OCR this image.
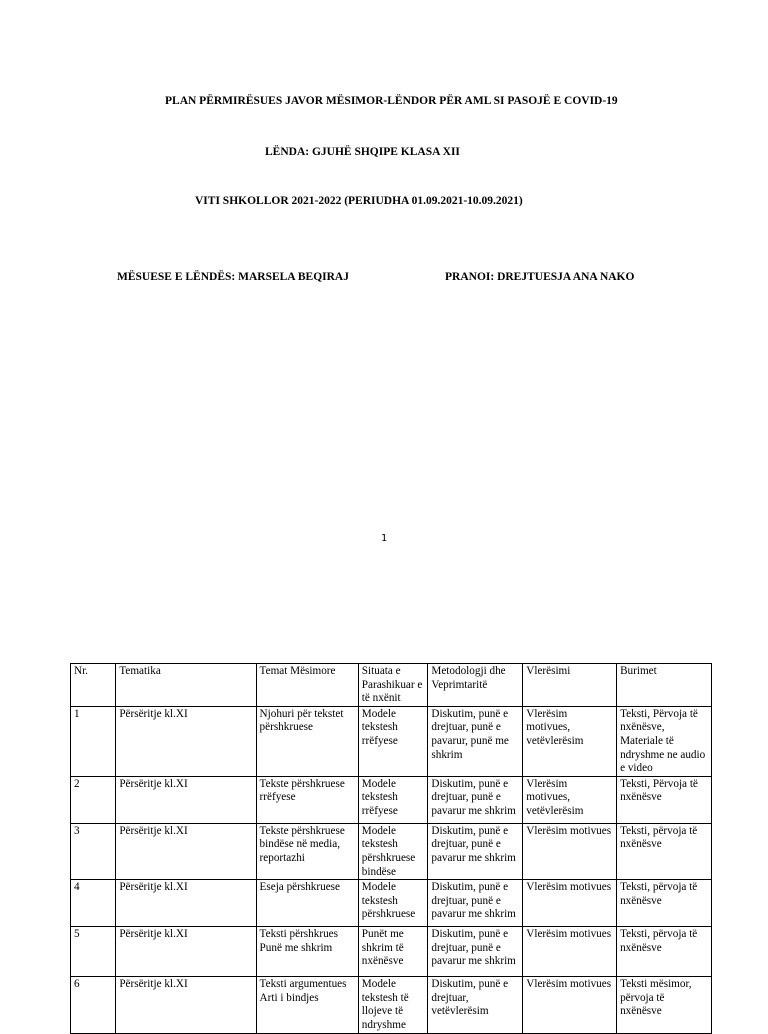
PLAN PËRMIRËSUES JAVOR MËSIMOR-LËNDOR PËR AML SI PASOJË E COVID-19
LËNDA: GJUHË SHQIPE KLASA XII
VITI SHKOLLOR 2021-2022 (PERIUDHA 01.09.2021-10.09.2021)
MËSUESE E LËNDËS: MARSELA BEQIRAJ	PRANOI: DREJTUESJA ANA NAKO
1
Nr.	Tematika	Temat Mësimore	Situata e Parashikuar e të nxënit	Metodologji dhe Veprimtaritë	Vlerësimi	Burimet
1	Përsëritje kl.XI	Njohuri për tekstet përshkruese	Modele tekstesh rrëfyese	Diskutim, punë e drejtuar, punë e pavarur, punë me shkrim	Vlerësim motivues, vetëvlerësim	Teksti, Përvoja të nxënësve, Materiale të ndryshme ne audio e video
2	Përsëritje kl.XI	Tekste përshkruese rrëfyese	Modele tekstesh rrëfyese	Diskutim, punë e drejtuar, punë e pavarur me shkrim	Vlerësim motivues, vetëvlerësim	Teksti, Përvoja të nxënësve
3	Përsëritje kl.XI	Tekste përshkruese bindëse në media, reportazhi	Modele tekstesh përshkruese bindëse	Diskutim, punë e drejtuar, punë e pavarur me shkrim	Vlerësim motivues	Teksti, përvoja të nxënësve
4	Përsëritje kl.XI	Eseja përshkruese	Modele tekstesh përshkruese	Diskutim, punë e drejtuar, punë e pavarur me shkrim	Vlerësim motivues	Teksti, përvoja të nxënësve
5	Përsëritje kl.XI	Teksti përshkrues Punë me shkrim	Punët me shkrim të nxënësve	Diskutim, punë e drejtuar, punë e pavarur me shkrim	Vlerësim motivues	Teksti, përvoja të nxënësve
6	Përsëritje kl.XI	Teksti argumentues Arti i bindjes	Modele tekstesh të llojeve të ndryshme	Diskutim, punë e drejtuar, vetëvlerësim	Vlerësim motivues	Teksti mësimor, përvoja të nxënësve
